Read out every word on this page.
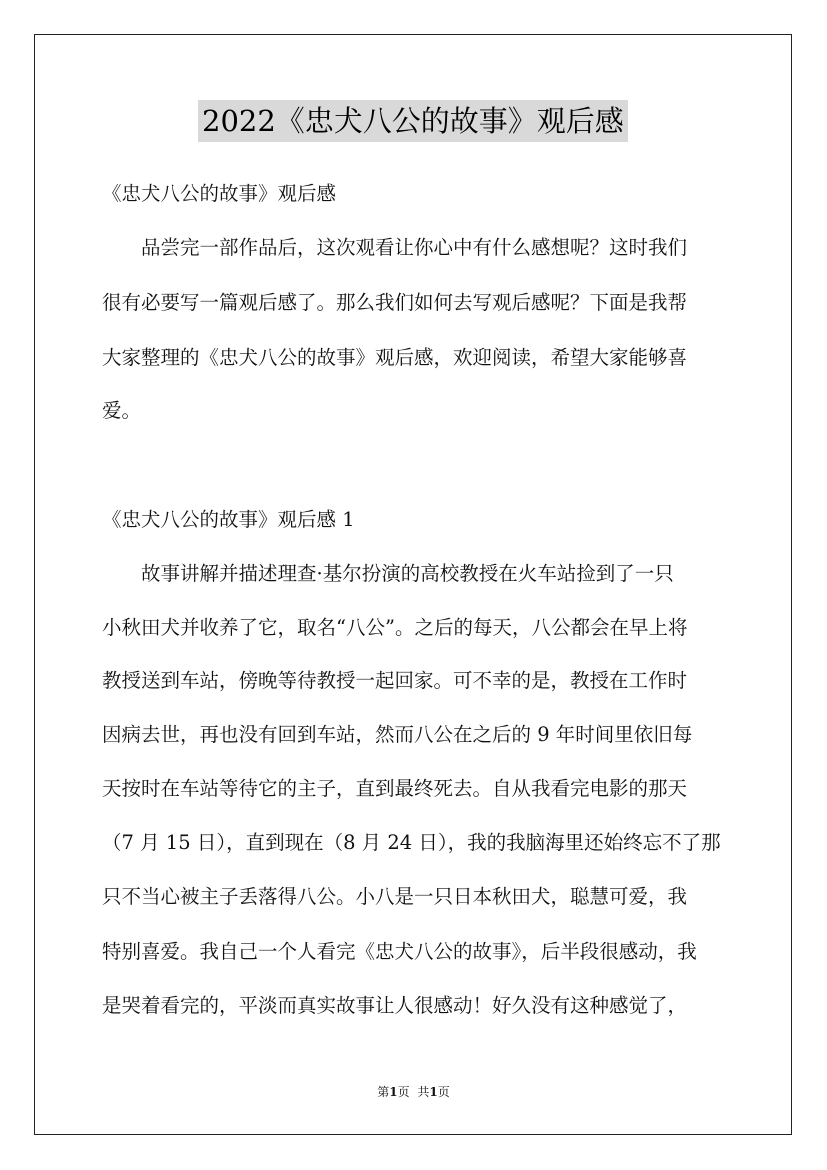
2022《忠犬八公的故事》观后感
《忠犬八公的故事》观后感
品尝完一部作品后，这次观看让你心中有什么感想呢？这时我们
很有必要写一篇观后感了。那么我们如何去写观后感呢？下面是我帮
大家整理的《忠犬八公的故事》观后感，欢迎阅读，希望大家能够喜
爱。
《忠犬八公的故事》观后感 1
故事讲解并描述理查·基尔扮演的高校教授在火车站捡到了一只
小秋田犬并收养了它，取名“八公”。之后的每天，八公都会在早上将
教授送到车站，傍晚等待教授一起回家。可不幸的是，教授在工作时
因病去世，再也没有回到车站，然而八公在之后的 9 年时间里依旧每
天按时在车站等待它的主子，直到最终死去。自从我看完电影的那天
（7 月 15 日），直到现在（8 月 24 日），我的我脑海里还始终忘不了那
只不当心被主子丢落得八公。小八是一只日本秋田犬，聪慧可爱，我
特别喜爱。我自己一个人看完《忠犬八公的故事》，后半段很感动，我
是哭着看完的，平淡而真实故事让人很感动！好久没有这种感觉了，
第1页 共1页
